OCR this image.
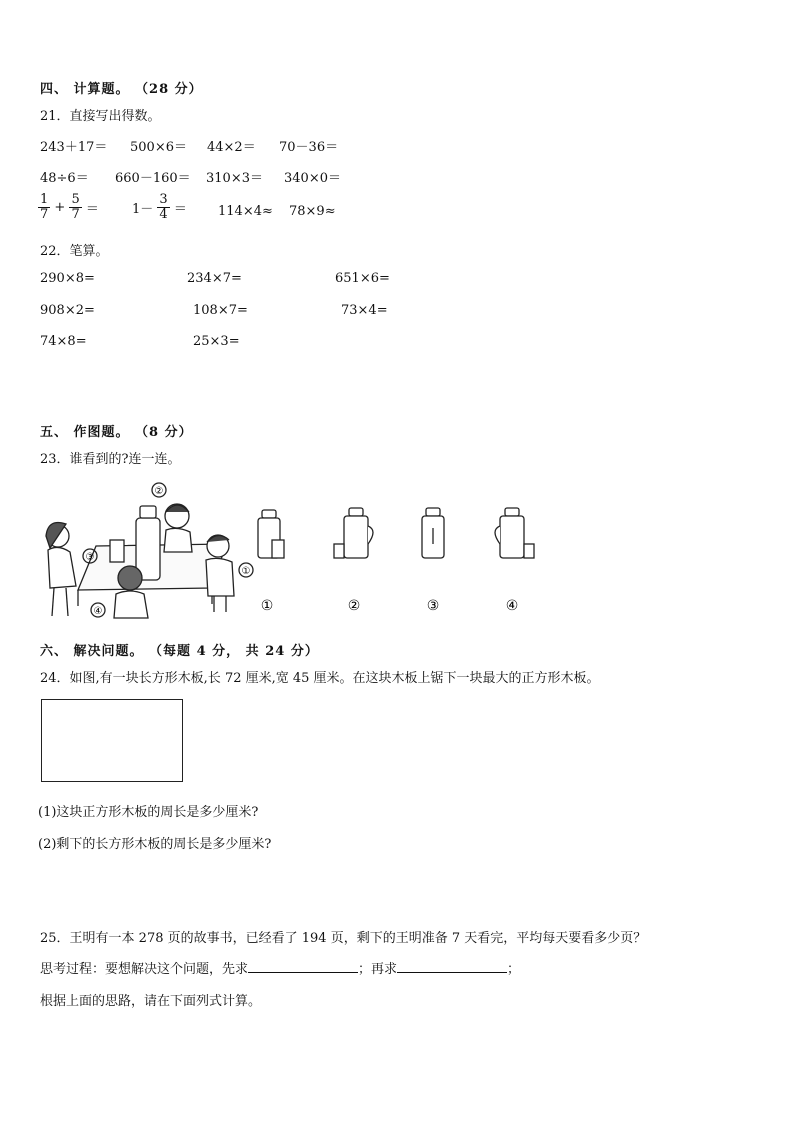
四、 计算题。 （28 分）
21．直接写出得数。
243＋17＝ 500×6＝ 44×2＝ 70－36＝
48÷6＝ 660－160＝ 310×3＝ 340×0＝
$\frac{1}{7} + \frac{5}{7}$ ＝	$1- \frac{3}{4} = 114\times 4\approx 78\times 9\approx$
22．笔算。
290×8=	234×7=	651×6=
908×2=	108×7=	73×4=
74×8=	25×3=
五、 作图题。 （8 分）
23．谁看到的?连一连。
②
③
①
④	①	②	③	④
六、 解决问题。 （每题 4 分， 共 24 分）
24．如图,有一块长方形木板,长 72 厘米,宽 45 厘米。在这块木板上锯下一块最大的正方形木板。
(1)这块正方形木板的周长是多少厘米?
(2)剩下的长方形木板的周长是多少厘米?
25．王明有一本 278 页的故事书，已经看了 194 页，剩下的王明准备 7 天看完，平均每天要看多少页？
思考过程：要想解决这个问题，先求	；再求	；
根据上面的思路，请在下面列式计算。
